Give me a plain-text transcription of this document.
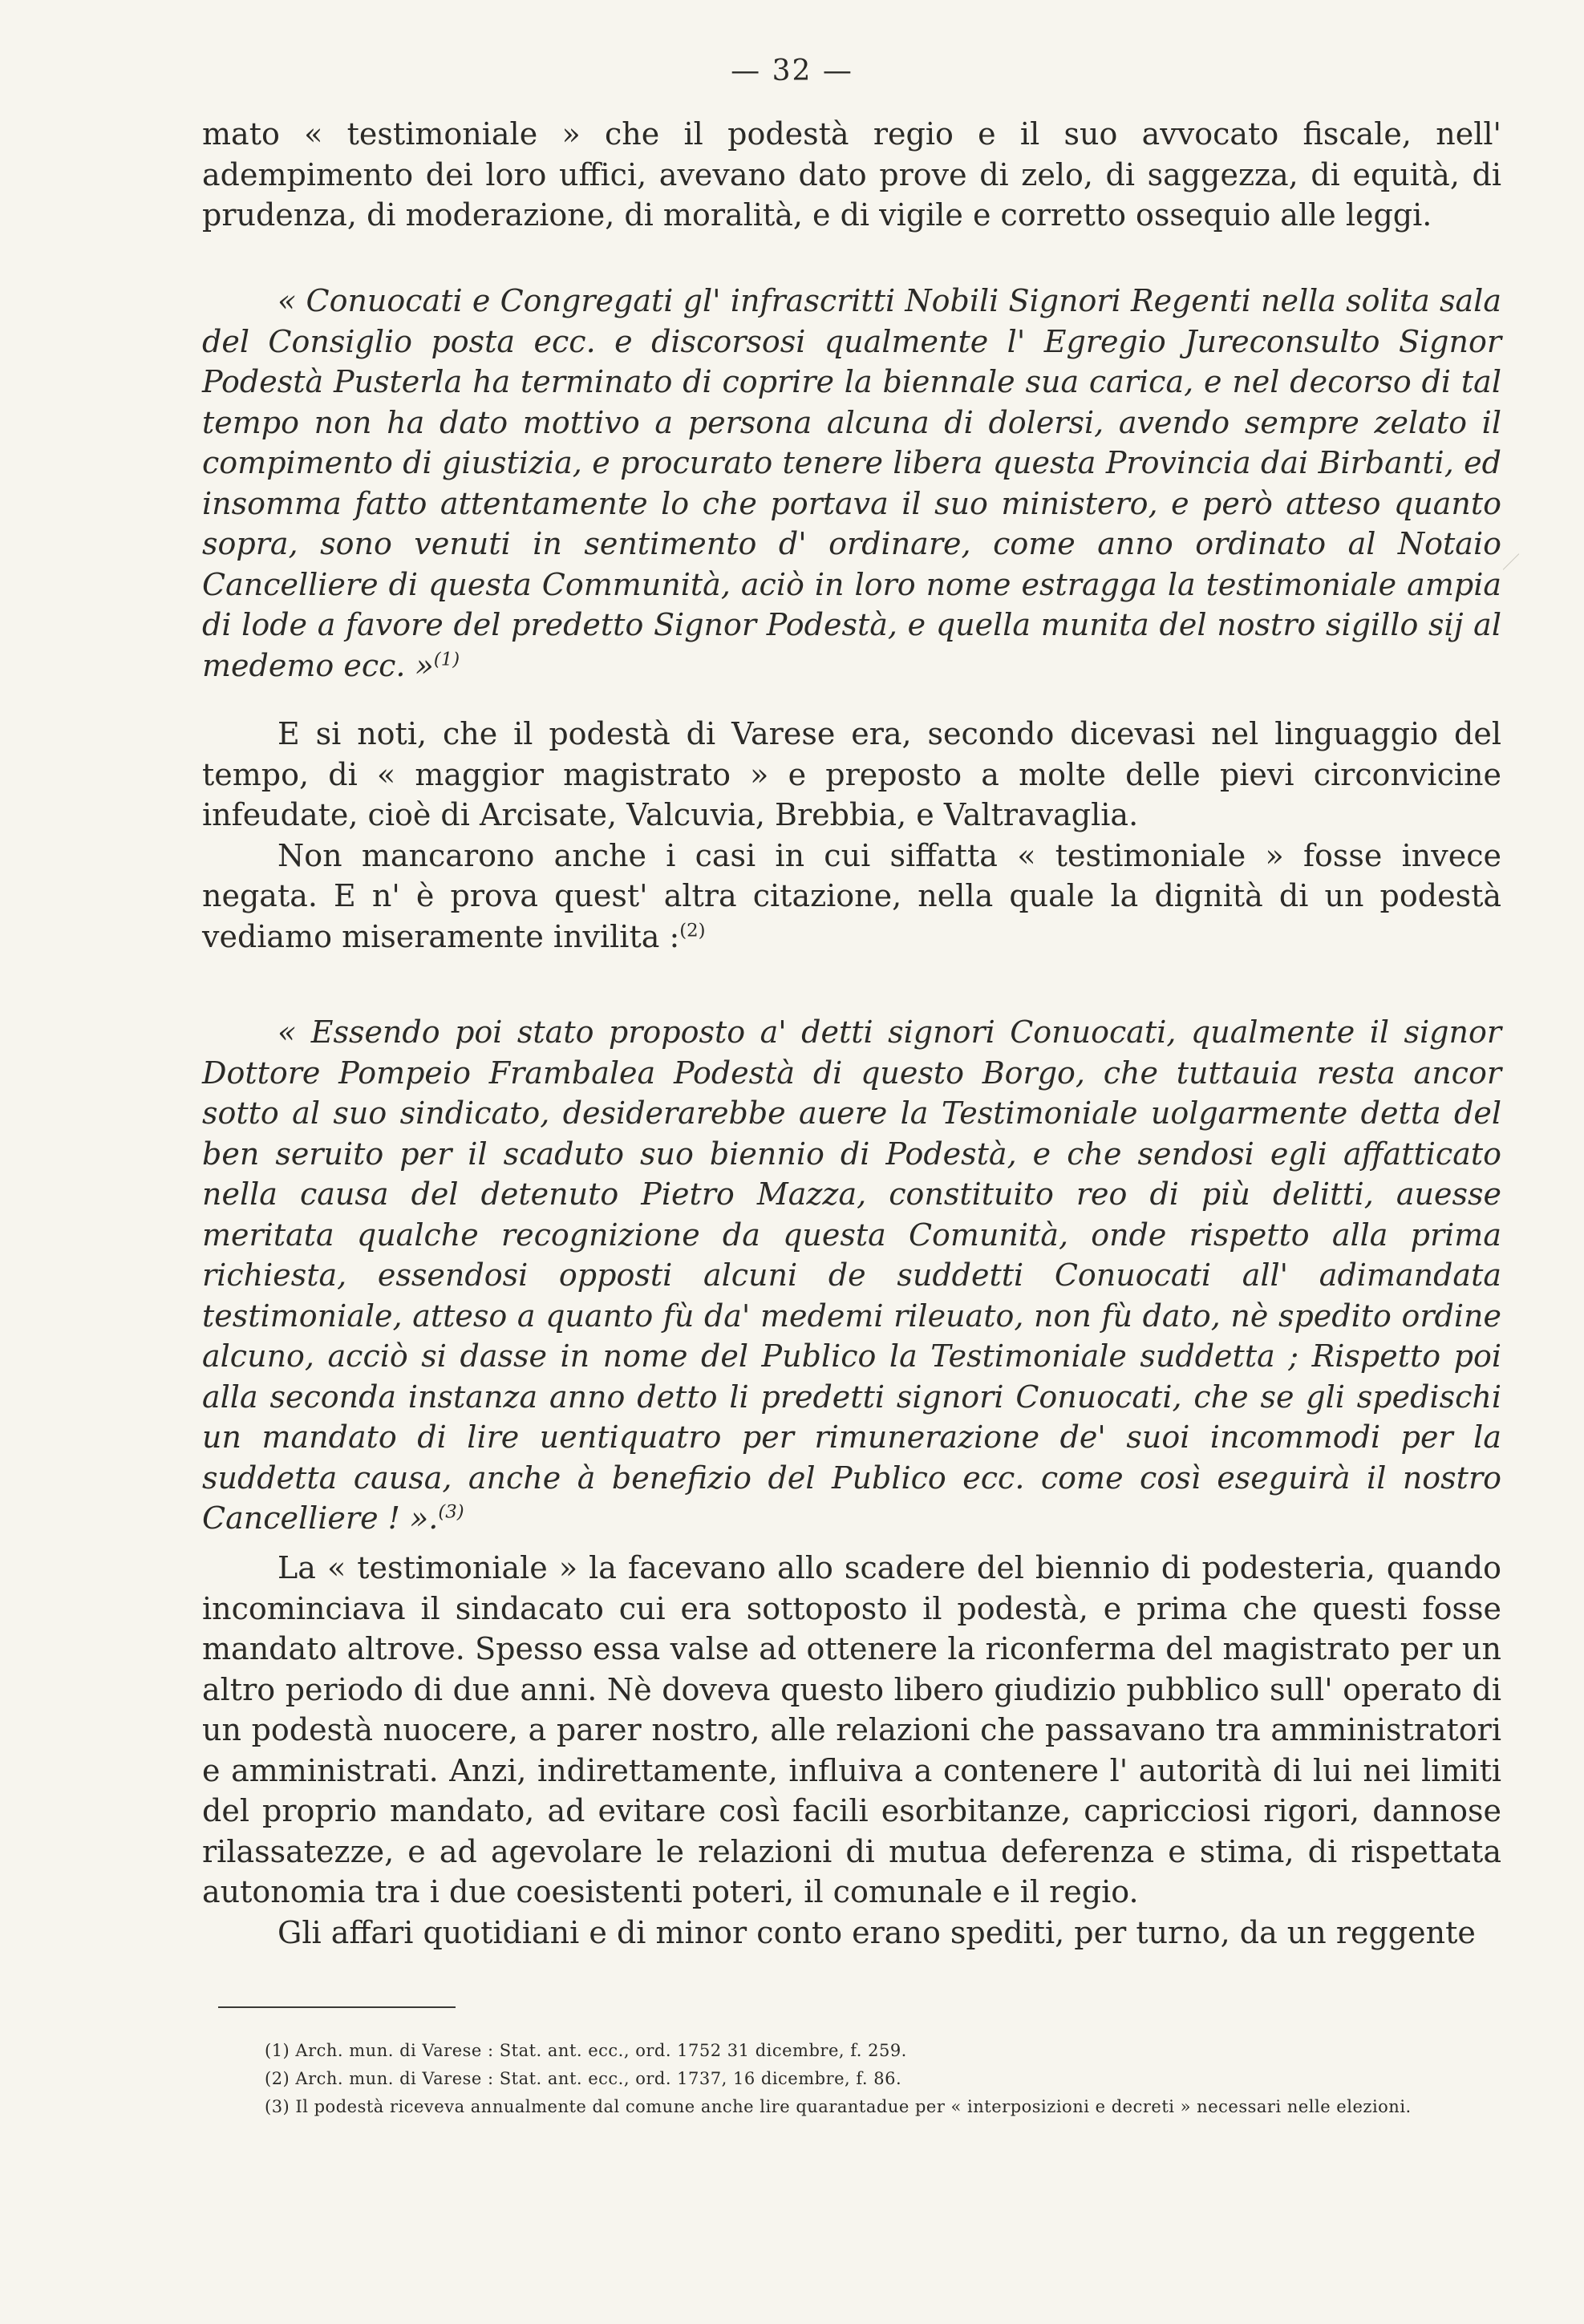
— 32 —

mato « testimoniale » che il podestà regio e il suo avvocato fiscale, nell' adempimento dei loro uffici, avevano dato prove di zelo, di saggezza, di equità, di prudenza, di moderazione, di moralità, e di vigile e corretto ossequio alle leggi.

« Conuocati e Congregati gl' infrascritti Nobili Signori Regenti nella solita sala del Consiglio posta ecc. e discorsosi qualmente l' Egregio Jureconsulto Signor Podestà Pusterla ha terminato di coprire la biennale sua carica, e nel decorso di tal tempo non ha dato mottivo a persona alcuna di dolersi, avendo sempre zelato il compimento di giustizia, e procurato tenere libera questa Provincia dai Birbanti, ed insomma fatto attentamente lo che portava il suo ministero, e però atteso quanto sopra, sono venuti in sentimento d' ordinare, come anno ordinato al Notaio Cancelliere di questa Communità, aciò in loro nome estragga la testimoniale ampia di lode a favore del predetto Signor Podestà, e quella munita del nostro sigillo sij al medemo ecc. »$^{(1)}$

E si noti, che il podestà di Varese era, secondo dicevasi nel linguaggio del tempo, di « maggior magistrato » e preposto a molte delle pievi circonvicine infeudate, cioè di Arcisate, Valcuvia, Brebbia, e Valtravaglia.

Non mancarono anche i casi in cui siffatta « testimoniale » fosse invece negata. E n' è prova quest' altra citazione, nella quale la dignità di un podestà vediamo miseramente invilita :$^{(2)}$

« Essendo poi stato proposto a' detti signori Conuocati, qualmente il signor Dottore Pompeio Frambalea Podestà di questo Borgo, che tuttauia resta ancor sotto al suo sindicato, desiderarebbe auere la Testimoniale uolgarmente detta del ben seruito per il scaduto suo biennio di Podestà, e che sendosi egli affatticato nella causa del detenuto Pietro Mazza, constituito reo di più delitti, auesse meritata qualche recognizione da questa Comunità, onde rispetto alla prima richiesta, essendosi opposti alcuni de suddetti Conuocati all' adimandata testimoniale, atteso a quanto fù da' medemi rileuato, non fù dato, nè spedito ordine alcuno, acciò si dasse in nome del Publico la Testimoniale suddetta ; Rispetto poi alla seconda instanza anno detto li predetti signori Conuocati, che se gli spedischi un mandato di lire uentiquatro per rimunerazione de' suoi incommodi per la suddetta causa, anche à benefizio del Publico ecc. come così eseguirà il nostro Cancelliere ! ».$^{(3)}$

La « testimoniale » la facevano allo scadere del biennio di podesteria, quando incominciava il sindacato cui era sottoposto il podestà, e prima che questi fosse mandato altrove. Spesso essa valse ad ottenere la riconferma del magistrato per un altro periodo di due anni. Nè doveva questo libero giudizio pubblico sull' operato di un podestà nuocere, a parer nostro, alle relazioni che passavano tra amministratori e amministrati. Anzi, indirettamente, influiva a contenere l' autorità di lui nei limiti del proprio mandato, ad evitare così facili esorbitanze, capricciosi rigori, dannose rilassatezze, e ad agevolare le relazioni di mutua deferenza e stima, di rispettata autonomia tra i due coesistenti poteri, il comunale e il regio.

Gli affari quotidiani e di minor conto erano spediti, per turno, da un reggente

(1) Arch. mun. di Varese : Stat. ant. ecc., ord. 1752 31 dicembre, f. 259.

(2) Arch. mun. di Varese : Stat. ant. ecc., ord. 1737, 16 dicembre, f. 86.

(3) Il podestà riceveva annualmente dal comune anche lire quarantadue per « interposizioni e decreti » necessari nelle elezioni.
